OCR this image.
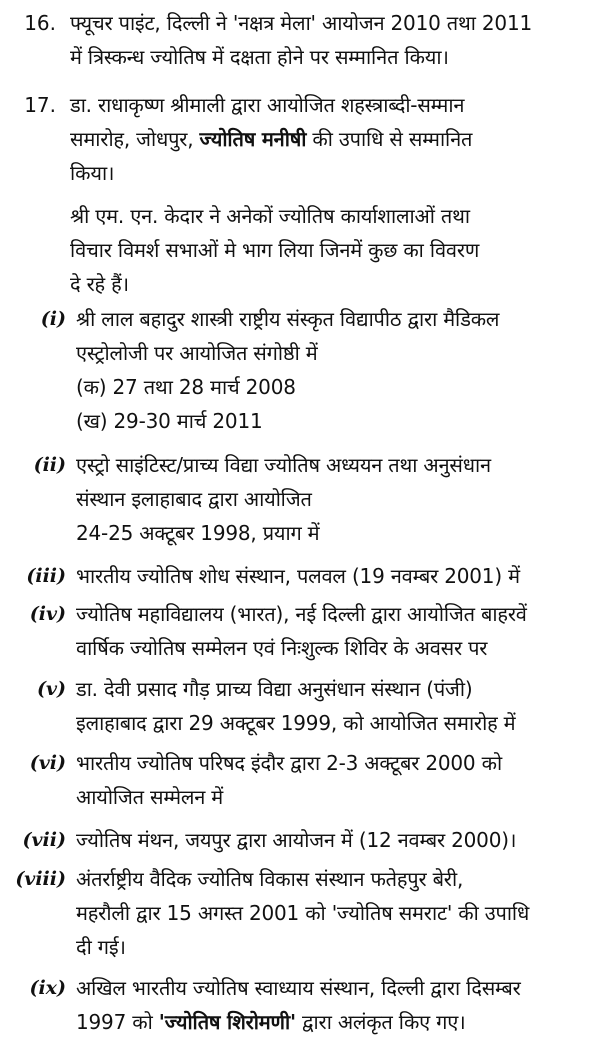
16. फ्यूचर पाइंट, दिल्ली ने 'नक्षत्र मेला' आयोजन 2010 तथा 2011
में त्रिस्कन्ध ज्योतिष में दक्षता होने पर सम्मानित किया।
17. डा. राधाकृष्ण श्रीमाली द्वारा आयोजित शहस्त्राब्दी-सम्मान
समारोह, जोधपुर, ज्योतिष मनीषी की उपाधि से सम्मानित
किया।
श्री एम. एन. केदार ने अनेकों ज्योतिष कार्याशालाओं तथा
विचार विमर्श सभाओं मे भाग लिया जिनमें कुछ का विवरण
दे रहे हैं।
(i) श्री लाल बहादुर शास्त्री राष्ट्रीय संस्कृत विद्यापीठ द्वारा मैडिकल
एस्ट्रोलोजी पर आयोजित संगोष्ठी में
(क) 27 तथा 28 मार्च 2008
(ख) 29-30 मार्च 2011
(ii) एस्ट्रो साइंटिस्ट/प्राच्य विद्या ज्योतिष अध्ययन तथा अनुसंधान
संस्थान इलाहाबाद द्वारा आयोजित
24-25 अक्टूबर 1998, प्रयाग में
(iii) भारतीय ज्योतिष शोध संस्थान, पलवल (19 नवम्बर 2001) में
(iv) ज्योतिष महाविद्यालय (भारत), नई दिल्ली द्वारा आयोजित बाहरवें
वार्षिक ज्योतिष सम्मेलन एवं निःशुल्क शिविर के अवसर पर
(v) डा. देवी प्रसाद गौड़ प्राच्य विद्या अनुसंधान संस्थान (पंजी)
इलाहाबाद द्वारा 29 अक्टूबर 1999, को आयोजित समारोह में
(vi) भारतीय ज्योतिष परिषद इंदौर द्वारा 2-3 अक्टूबर 2000 को
आयोजित सम्मेलन में
(vii) ज्योतिष मंथन, जयपुर द्वारा आयोजन में (12 नवम्बर 2000)।
(viii) अंतर्राष्ट्रीय वैदिक ज्योतिष विकास संस्थान फतेहपुर बेरी,
महरौली द्वार 15 अगस्त 2001 को 'ज्योतिष समराट' की उपाधि
दी गई।
(ix) अखिल भारतीय ज्योतिष स्वाध्याय संस्थान, दिल्ली द्वारा दिसम्बर
1997 को 'ज्योतिष शिरोमणी' द्वारा अलंकृत किए गए।
